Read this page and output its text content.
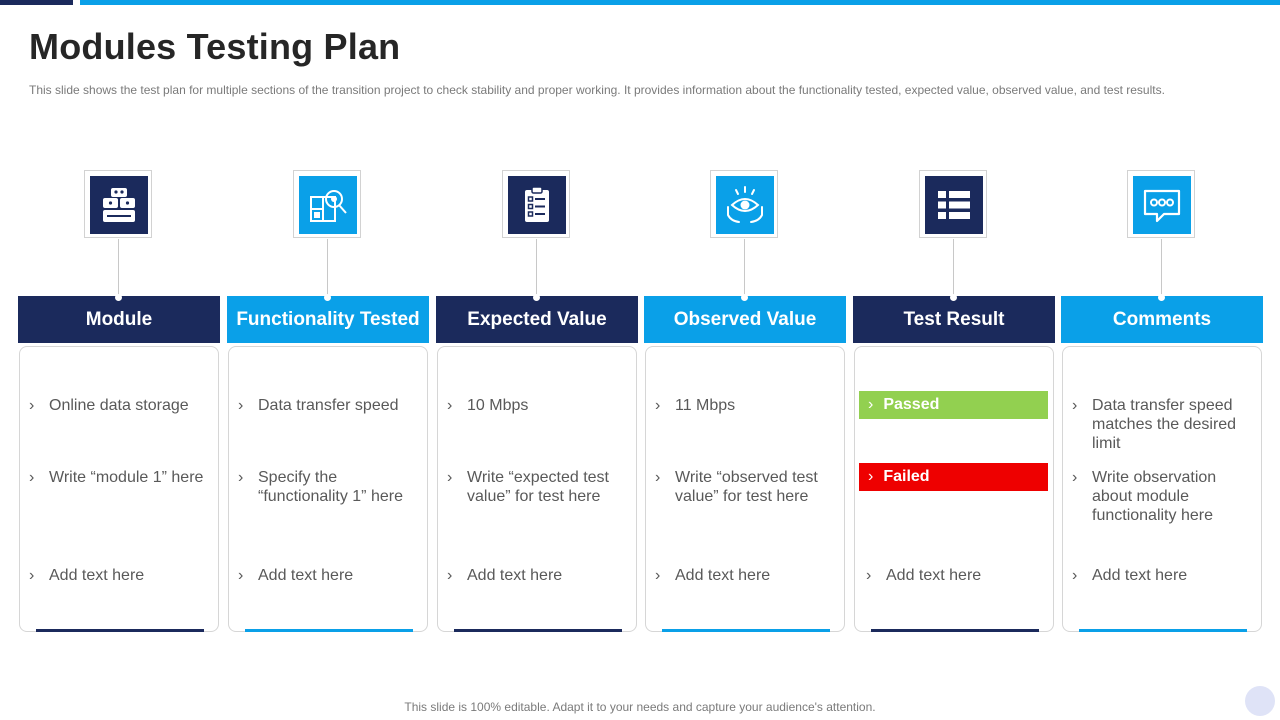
Modules Testing Plan

This slide shows the test plan for multiple sections of the transition project to check stability and proper working. It provides information about the functionality tested, expected value, observed value, and test results.

Module
› Online data storage
› Write “module 1” here
› Add text here
Functionality Tested
› Data transfer speed
› Specify the “functionality 1” here
› Add text here
Expected Value
› 10 Mbps
› Write “expected test value” for test here
› Add text here
Observed Value
› 11 Mbps
› Write “observed test value” for test here
› Add text here
Test Result
› Passed
› Failed
› Add text here
Comments
› Data transfer speed matches the desired limit
› Write observation about module functionality here
› Add text here
This slide is 100% editable. Adapt it to your needs and capture your audience's attention.
